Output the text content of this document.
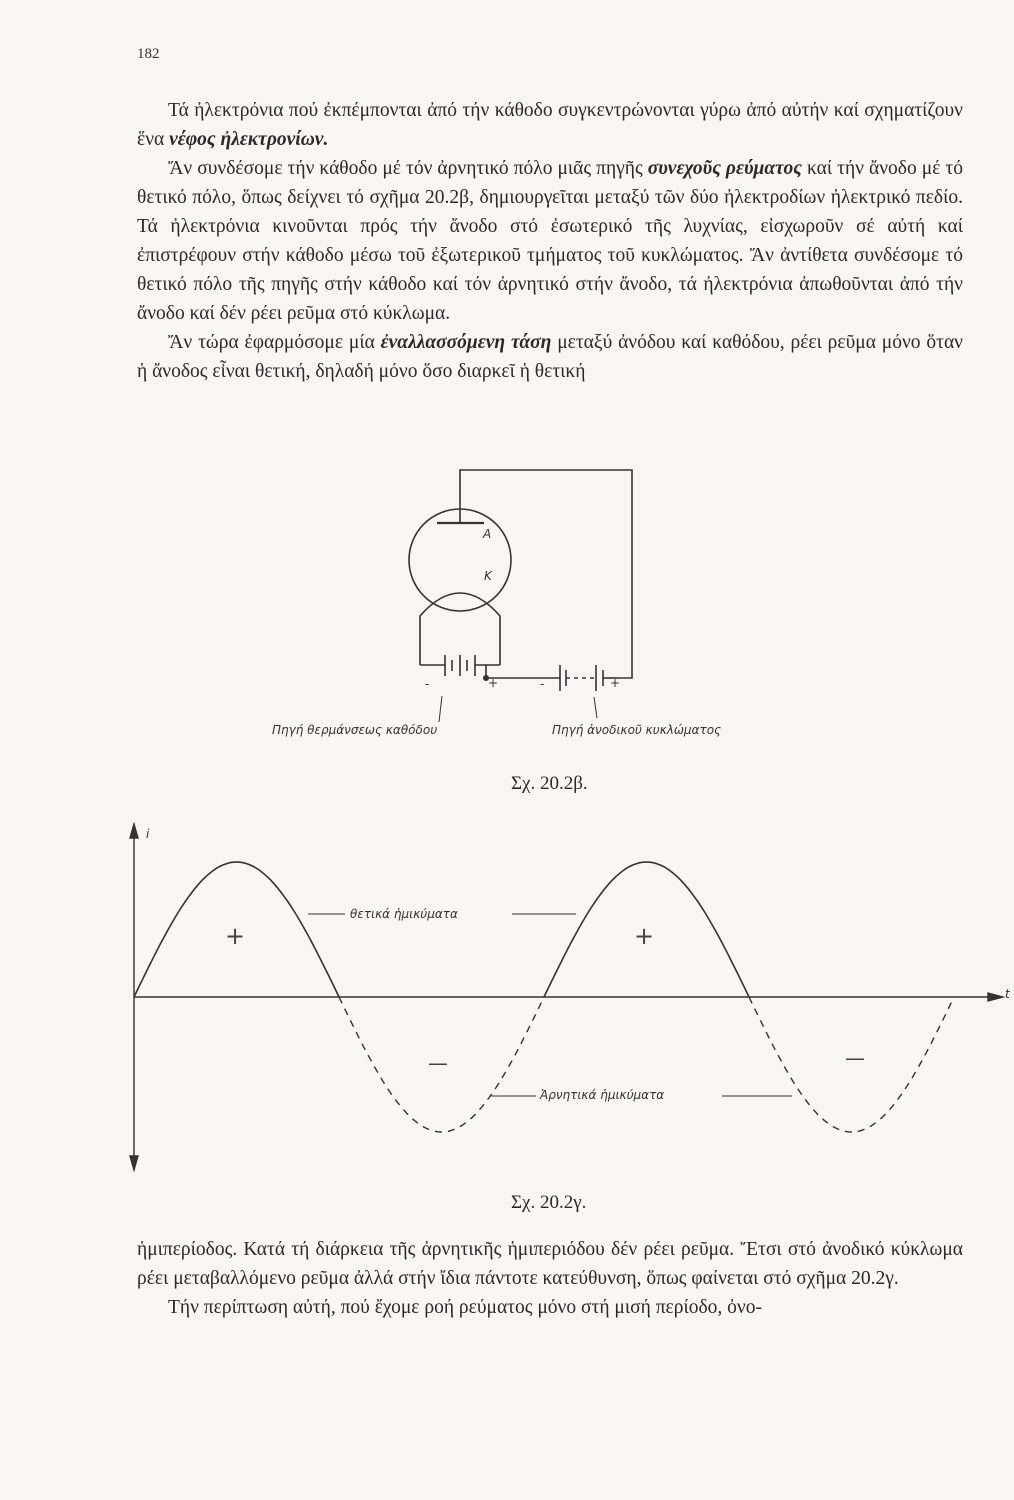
182

Τά ἠλεκτρόνια πού ἐκπέμπονται ἀπό τήν κάθοδο συγκεντρώνονται γύρω ἀπό αὐτήν καί σχηματίζουν ἕνα νέφος ἠλεκτρονίων.

Ἄν συνδέσομε τήν κάθοδο μέ τόν ἀρνητικό πόλο μιᾶς πηγῆς συνεχοῦς ρεύματος καί τήν ἄνοδο μέ τό θετικό πόλο, ὅπως δείχνει τό σχῆμα 20.2β, δημιουργεῖται μεταξύ τῶν δύο ἠλεκτροδίων ἠλεκτρικό πεδίο. Τά ἠλεκτρόνια κινοῦνται πρός τήν ἄνοδο στό ἐσωτερικό τῆς λυχνίας, εἰσχωροῦν σέ αὐτή καί ἐπιστρέφουν στήν κάθοδο μέσω τοῦ ἐξωτερικοῦ τμήματος τοῦ κυκλώματος. Ἄν ἀντίθετα συνδέσομε τό θετικό πόλο τῆς πηγῆς στήν κάθοδο καί τόν ἀρνητικό στήν ἄνοδο, τά ἠλεκτρόνια ἀπωθοῦνται ἀπό τήν ἄνοδο καί δέν ρέει ρεῦμα στό κύκλωμα.

Ἄν τώρα ἐφαρμόσομε μία ἐναλλασσόμενη τάση μεταξύ ἀνόδου καί καθόδου, ρέει ρεῦμα μόνο ὅταν ἡ ἄνοδος εἶναι θετική, δηλαδή μόνο ὅσο διαρκεῖ ἡ θετική

A
K
-	+	-	+
Πηγή θερμάνσεως καθόδου	Πηγή ἀνοδικοῦ κυκλώματος
Σχ. 20.2β.
i
t
θετικά ἡμικύματα
Ἀρνητικά ἡμικύματα
+	+
—	—
Σχ. 20.2γ.

ἡμιπερίοδος. Κατά τή διάρκεια τῆς ἀρνητικῆς ἡμιπεριόδου δέν ρέει ρεῦμα. Ἔτσι στό ἀνοδικό κύκλωμα ρέει μεταβαλλόμενο ρεῦμα ἀλλά στήν ἴδια πάντοτε κατεύθυνση, ὅπως φαίνεται στό σχῆμα 20.2γ.

Τήν περίπτωση αὐτή, πού ἔχομε ροή ρεύματος μόνο στή μισή περίοδο, ὀνο-
